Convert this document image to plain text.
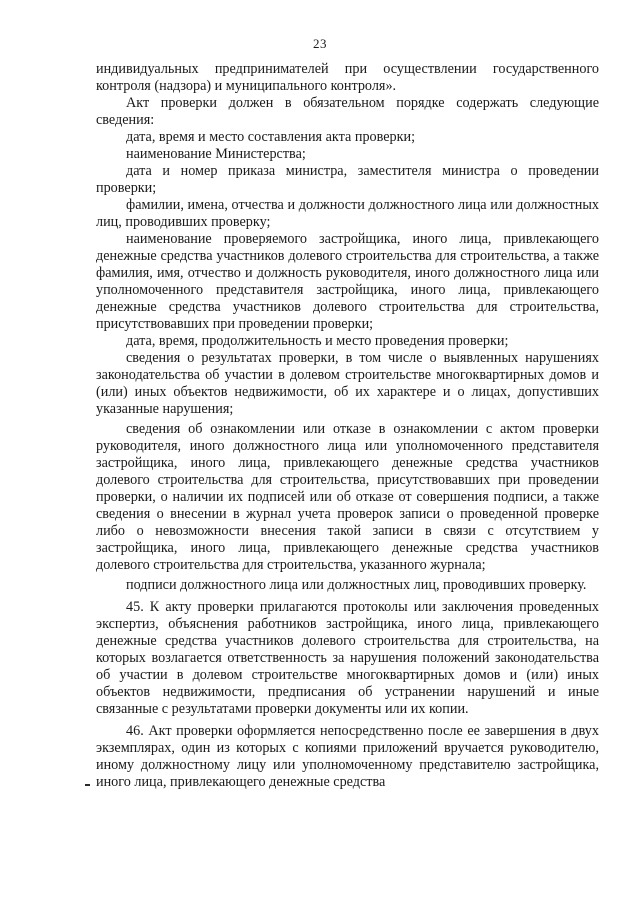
23

индивидуальных предпринимателей при осуществлении государственного контроля (надзора) и муниципального контроля».

Акт проверки должен в обязательном порядке содержать следующие сведения:

дата, время и место составления акта проверки;

наименование Министерства;

дата и номер приказа министра, заместителя министра о проведении проверки;

фамилии, имена, отчества и должности должностного лица или должностных лиц, проводивших проверку;

наименование проверяемого застройщика, иного лица, привлекающего денежные средства участников долевого строительства для строительства, а также фамилия, имя, отчество и должность руководителя, иного должностного лица или уполномоченного представителя застройщика, иного лица, привлекающего денежные средства участников долевого строительства для строительства, присутствовавших при проведении проверки;

дата, время, продолжительность и место проведения проверки;

сведения о результатах проверки, в том числе о выявленных нарушениях законодательства об участии в долевом строительстве многоквартирных домов и (или) иных объектов недвижимости, об их характере и о лицах, допустивших указанные нарушения;

сведения об ознакомлении или отказе в ознакомлении с актом проверки руководителя, иного должностного лица или уполномоченного представителя застройщика, иного лица, привлекающего денежные средства участников долевого строительства для строительства, присутствовавших при проведении проверки, о наличии их подписей или об отказе от совершения подписи, а также сведения о внесении в журнал учета проверок записи о проведенной проверке либо о невозможности внесения такой записи в связи с отсутствием у застройщика, иного лица, привлекающего денежные средства участников долевого строительства для строительства, указанного журнала;

подписи должностного лица или должностных лиц, проводивших проверку.

45. К акту проверки прилагаются протоколы или заключения проведенных экспертиз, объяснения работников застройщика, иного лица, привлекающего денежные средства участников долевого строительства для строительства, на которых возлагается ответственность за нарушения положений законодательства об участии в долевом строительстве многоквартирных домов и (или) иных объектов недвижимости, предписания об устранении нарушений и иные связанные с результатами проверки документы или их копии.

46. Акт проверки оформляется непосредственно после ее завершения в двух экземплярах, один из которых с копиями приложений вручается руководителю, иному должностному лицу или уполномоченному представителю застройщика, иного лица, привлекающего денежные средства
